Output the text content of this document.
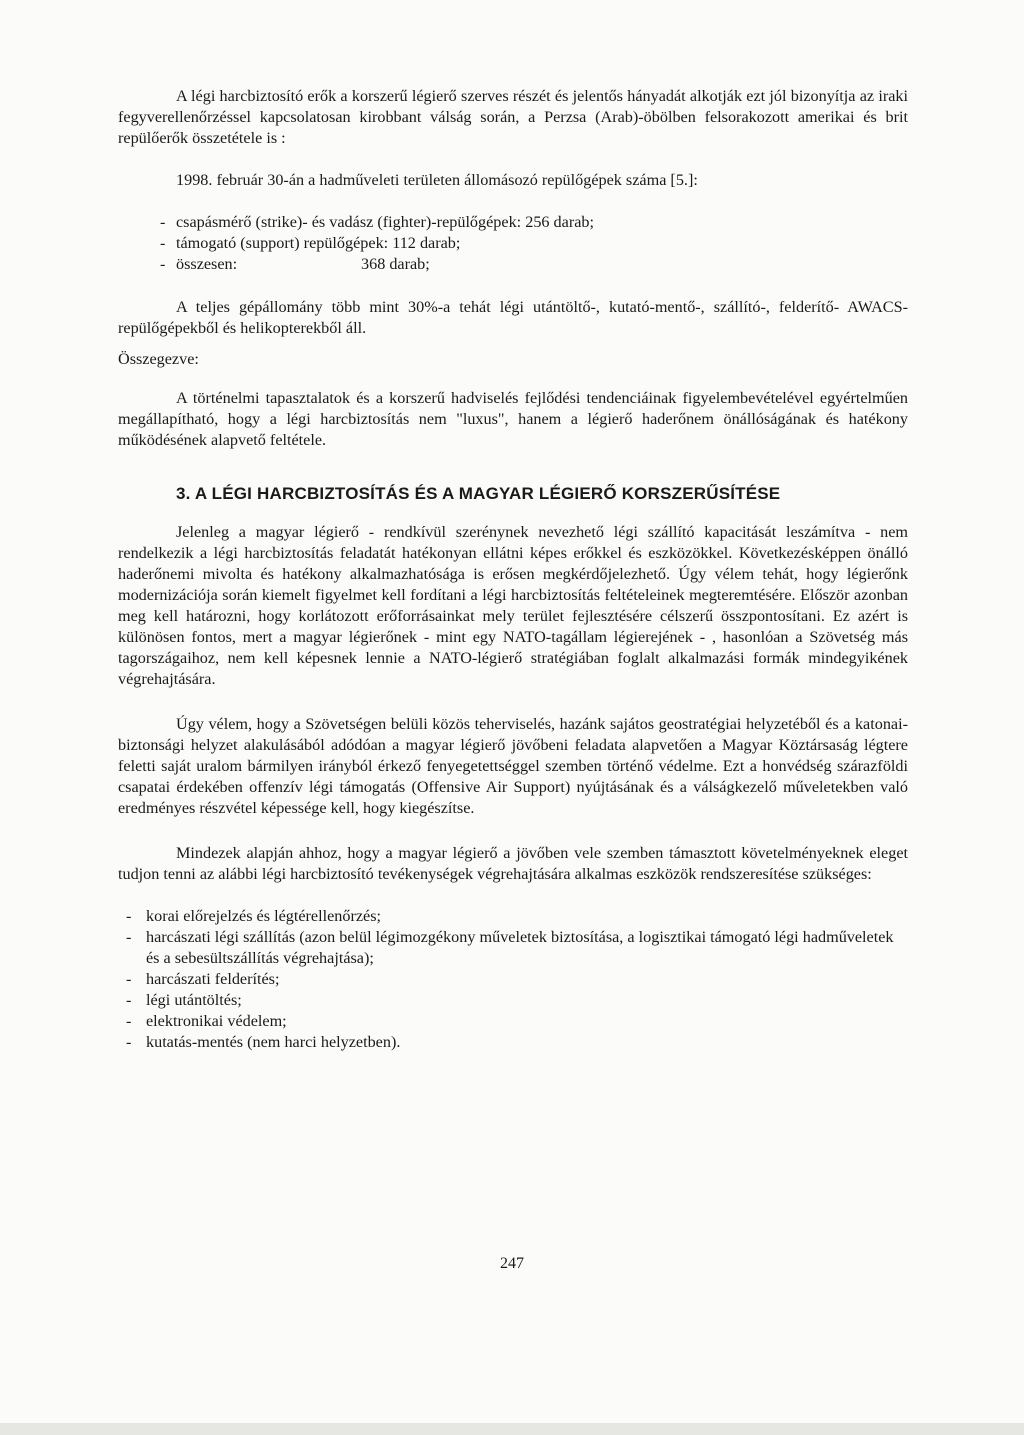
A légi harcbiztosító erők a korszerű légierő szerves részét és jelentős hányadát alkotják ezt jól bizonyítja az iraki fegyverellenőrzéssel kapcsolatosan kirobbant válság során, a Perzsa (Arab)-öbölben felsorakozott amerikai és brit repülőerők összetétele is :

1998. február 30-án a hadműveleti területen állomásozó repülőgépek száma [5.]:

- csapásmérő (strike)- és vadász (fighter)-repülőgépek: 256 darab;
- támogató (support) repülőgépek: 112 darab;
- összesen:	368 darab;

A teljes gépállomány több mint 30%-a tehát légi utántöltő-, kutató-mentő-, szállító-, felderítő- AWACS- repülőgépekből és helikopterekből áll.

Összegezve:

A történelmi tapasztalatok és a korszerű hadviselés fejlődési tendenciáinak figyelembevételével egyértelműen megállapítható, hogy a légi harcbiztosítás nem "luxus", hanem a légierő haderőnem önállóságának és hatékony működésének alapvető feltétele.

3. A LÉGI HARCBIZTOSÍTÁS ÉS A MAGYAR LÉGIERŐ KORSZERŰSÍTÉSE

Jelenleg a magyar légierő - rendkívül szerénynek nevezhető légi szállító kapacitását leszámítva - nem rendelkezik a légi harcbiztosítás feladatát hatékonyan ellátni képes erőkkel és eszközökkel. Következésképpen önálló haderőnemi mivolta és hatékony alkalmazhatósága is erősen megkérdőjelezhető. Úgy vélem tehát, hogy légierőnk modernizációja során kiemelt figyelmet kell fordítani a légi harcbiztosítás feltételeinek megteremtésére. Először azonban meg kell határozni, hogy korlátozott erőforrásainkat mely terület fejlesztésére célszerű összpontosítani. Ez azért is különösen fontos, mert a magyar légierőnek - mint egy NATO-tagállam légierejének - , hasonlóan a Szövetség más tagországaihoz, nem kell képesnek lennie a NATO-légierő stratégiában foglalt alkalmazási formák mindegyikének végrehajtására.

Úgy vélem, hogy a Szövetségen belüli közös teherviselés, hazánk sajátos geostratégiai helyzetéből és a katonai-biztonsági helyzet alakulásából adódóan a magyar légierő jövőbeni feladata alapvetően a Magyar Köztársaság légtere feletti saját uralom bármilyen irányból érkező fenyegetettséggel szemben történő védelme. Ezt a honvédség szárazföldi csapatai érdekében offenzív légi támogatás (Offensive Air Support) nyújtásának és a válságkezelő műveletekben való eredményes részvétel képessége kell, hogy kiegészítse.

Mindezek alapján ahhoz, hogy a magyar légierő a jövőben vele szemben támasztott követelményeknek eleget tudjon tenni az alábbi légi harcbiztosító tevékenységek végrehajtására alkalmas eszközök rendszeresítése szükséges:

- korai előrejelzés és légtérellenőrzés;
- harcászati légi szállítás (azon belül légimozgékony műveletek biztosítása, a logisztikai támogató légi hadműveletek és a sebesültszállítás végrehajtása);
- harcászati felderítés;
- légi utántöltés;
- elektronikai védelem;
- kutatás-mentés (nem harci helyzetben).
247
